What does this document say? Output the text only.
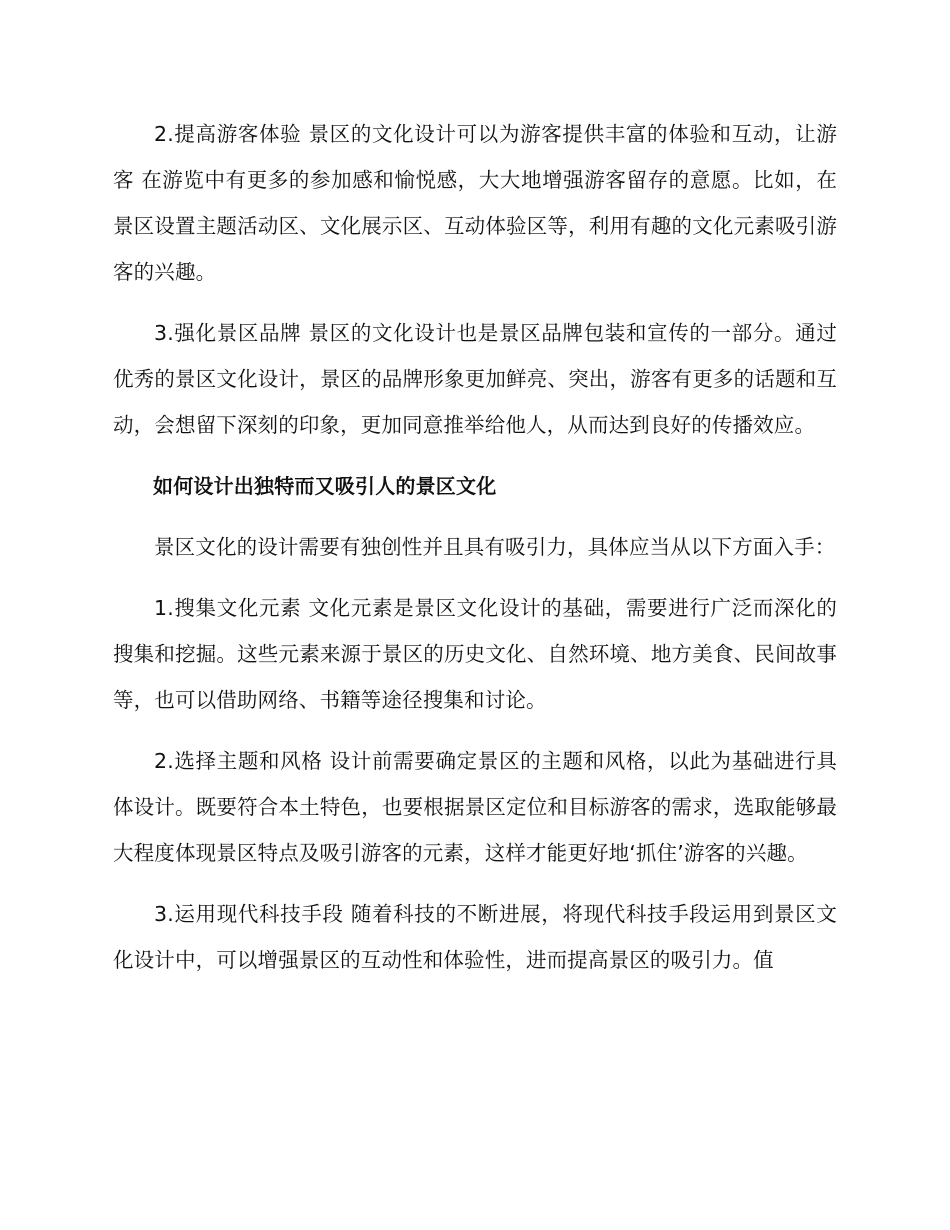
2.提高游客体验 景区的文化设计可以为游客提供丰富的体验和互动，让游客 在游览中有更多的参加感和愉悦感，大大地增强游客留存的意愿。比如，在景区设置主题活动区、文化展示区、互动体验区等，利用有趣的文化元素吸引游客的兴趣。

3.强化景区品牌 景区的文化设计也是景区品牌包装和宣传的一部分。通过优秀的景区文化设计，景区的品牌形象更加鲜亮、突出，游客有更多的话题和互动，会想留下深刻的印象，更加同意推举给他人，从而达到良好的传播效应。

如何设计出独特而又吸引人的景区文化

景区文化的设计需要有独创性并且具有吸引力，具体应当从以下方面入手：

1.搜集文化元素 文化元素是景区文化设计的基础，需要进行广泛而深化的搜集和挖掘。这些元素来源于景区的历史文化、自然环境、地方美食、民间故事等，也可以借助网络、书籍等途径搜集和讨论。

2.选择主题和风格 设计前需要确定景区的主题和风格，以此为基础进行具体设计。既要符合本土特色，也要根据景区定位和目标游客的需求，选取能够最大程度体现景区特点及吸引游客的元素，这样才能更好地‘抓住’游客的兴趣。

3.运用现代科技手段 随着科技的不断进展，将现代科技手段运用到景区文化设计中，可以增强景区的互动性和体验性，进而提高景区的吸引力。值
